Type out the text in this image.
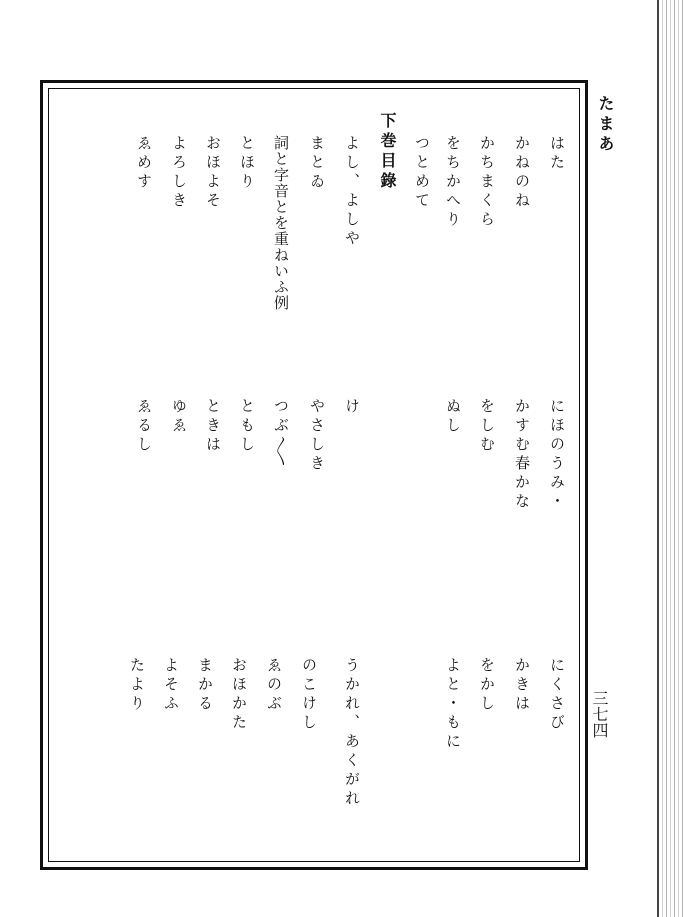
たまあ
三七四
はた
にほのうみ・
にくさび
かねのね
かすむ春かな
かきは
かちまくら
をしむ
をかし
をちかへり
つとめて
ぬし
よと・もに
下巻目錄
よし、よしや
け
まとゐ
やさしき
うかれ、あくがれ
詞と字音とを重ねいふ例
つぶ〳〵
のこけし
とほり
ともし
ゑのぶ
おほよそ
ときは
おほかた
よろしき
ゆゑ
まかる
よそふ
ゑめす
ゑるし
たより
